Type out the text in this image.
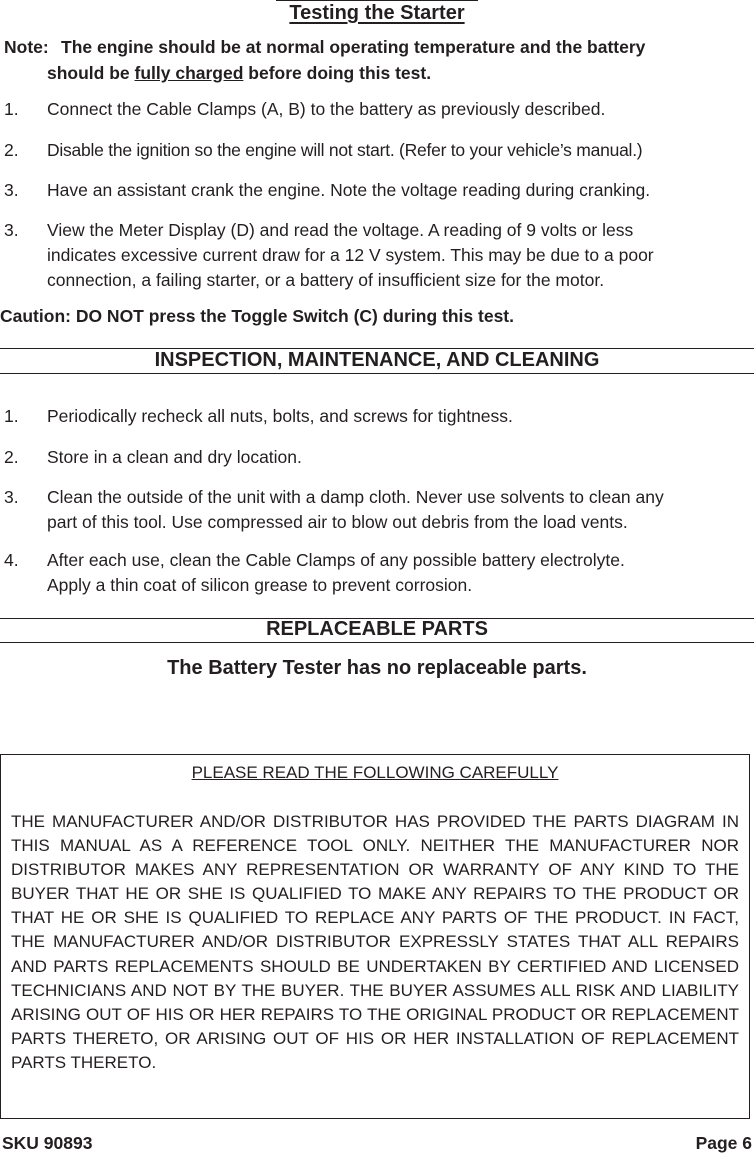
Testing the Starter
Note: The engine should be at normal operating temperature and the battery
should be fully charged before doing this test.
1. Connect the Cable Clamps (A, B) to the battery as previously described.
2. Disable the ignition so the engine will not start. (Refer to your vehicle’s manual.)
3. Have an assistant crank the engine. Note the voltage reading during cranking.
3. View the Meter Display (D) and read the voltage. A reading of 9 volts or less
indicates excessive current draw for a 12 V system. This may be due to a poor
connection, a failing starter, or a battery of insufficient size for the motor.
Caution: DO NOT press the Toggle Switch (C) during this test.
INSPECTION, MAINTENANCE, AND CLEANING
1. Periodically recheck all nuts, bolts, and screws for tightness.
2. Store in a clean and dry location.
3. Clean the outside of the unit with a damp cloth. Never use solvents to clean any
part of this tool. Use compressed air to blow out debris from the load vents.
4. After each use, clean the Cable Clamps of any possible battery electrolyte.
Apply a thin coat of silicon grease to prevent corrosion.
REPLACEABLE PARTS
The Battery Tester has no replaceable parts.
PLEASE READ THE FOLLOWING CAREFULLY
THE MANUFACTURER AND/OR DISTRIBUTOR HAS PROVIDED THE PARTS DIAGRAM IN THIS MANUAL AS A REFERENCE TOOL ONLY. NEITHER THE MANUFACTURER NOR DISTRIBUTOR MAKES ANY REPRESENTATION OR WARRANTY OF ANY KIND TO THE BUYER THAT HE OR SHE IS QUALIFIED TO MAKE ANY REPAIRS TO THE PRODUCT OR THAT HE OR SHE IS QUALIFIED TO REPLACE ANY PARTS OF THE PRODUCT. IN FACT, THE MANUFACTURER AND/OR DISTRIBUTOR EXPRESSLY STATES THAT ALL REPAIRS AND PARTS REPLACEMENTS SHOULD BE UNDERTAKEN BY CERTIFIED AND LICENSED TECHNICIANS AND NOT BY THE BUYER. THE BUYER ASSUMES ALL RISK AND LIABILITY ARISING OUT OF HIS OR HER REPAIRS TO THE ORIGINAL PRODUCT OR REPLACEMENT PARTS THERETO, OR ARISING OUT OF HIS OR HER INSTALLATION OF REPLACEMENT PARTS THERETO.
SKU 90893	Page 6
